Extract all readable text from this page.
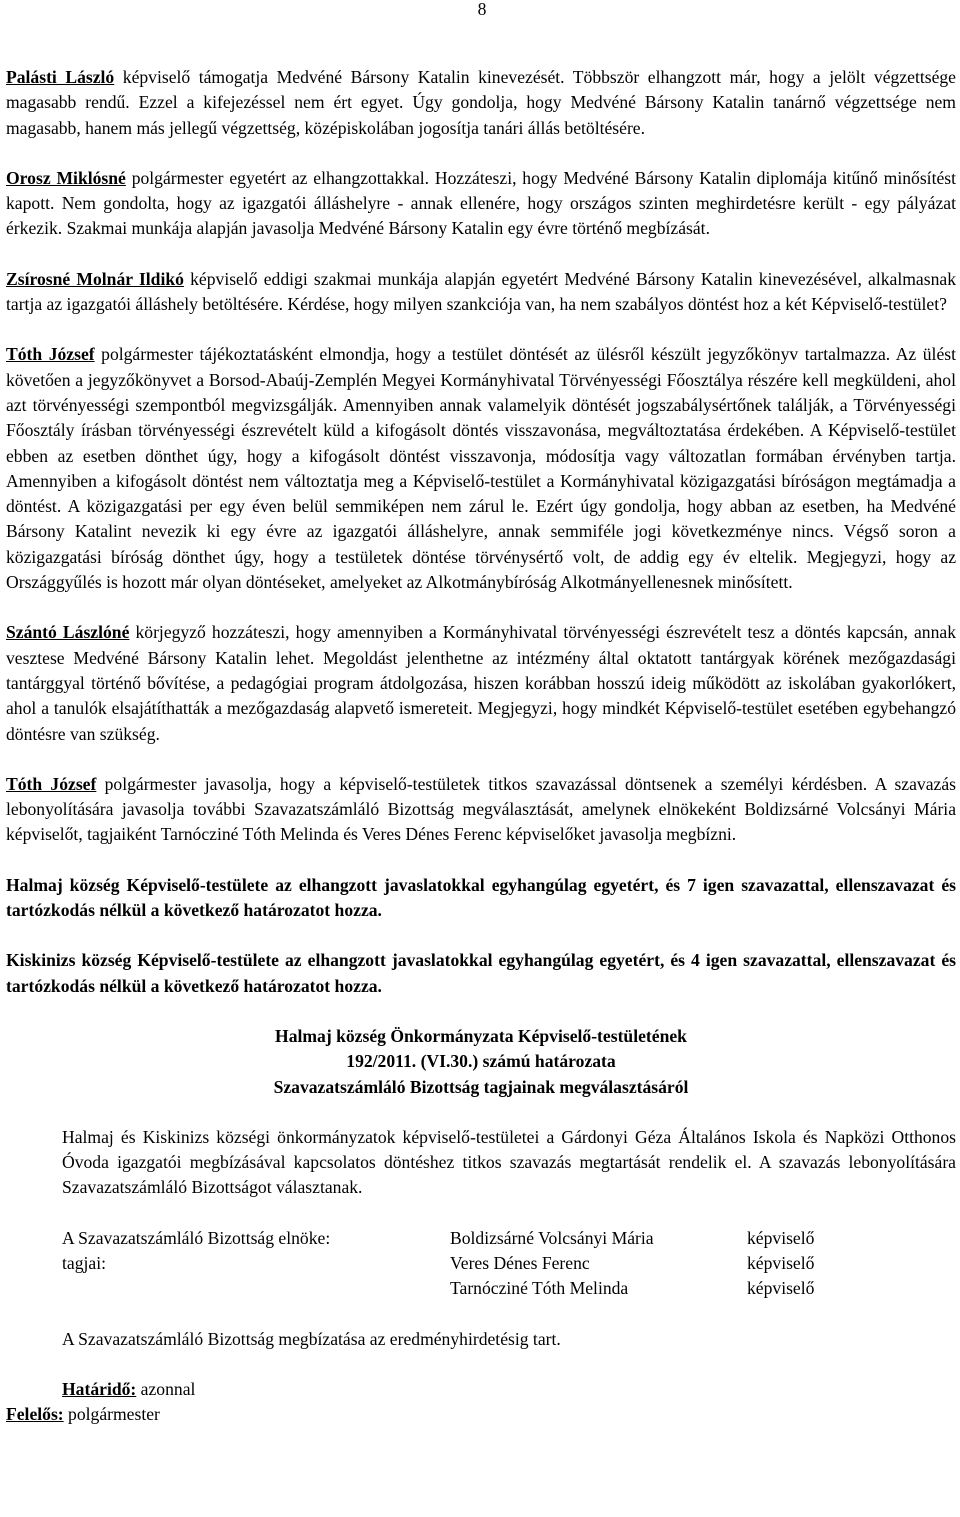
8

Palásti László képviselő támogatja Medvéné Bársony Katalin kinevezését. Többször elhangzott már, hogy a jelölt végzettsége magasabb rendű. Ezzel a kifejezéssel nem ért egyet. Úgy gondolja, hogy Medvéné Bársony Katalin tanárnő végzettsége nem magasabb, hanem más jellegű végzettség, középiskolában jogosítja tanári állás betöltésére.

Orosz Miklósné polgármester egyetért az elhangzottakkal. Hozzáteszi, hogy Medvéné Bársony Katalin diplomája kitűnő minősítést kapott. Nem gondolta, hogy az igazgatói álláshelyre - annak ellenére, hogy országos szinten meghirdetésre került - egy pályázat érkezik. Szakmai munkája alapján javasolja Medvéné Bársony Katalin egy évre történő megbízását.

Zsírosné Molnár Ildikó képviselő eddigi szakmai munkája alapján egyetért Medvéné Bársony Katalin kinevezésével, alkalmasnak tartja az igazgatói álláshely betöltésére. Kérdése, hogy milyen szankciója van, ha nem szabályos döntést hoz a két Képviselő-testület?

Tóth József polgármester tájékoztatásként elmondja, hogy a testület döntését az ülésről készült jegyzőkönyv tartalmazza. Az ülést követően a jegyzőkönyvet a Borsod-Abaúj-Zemplén Megyei Kormányhivatal Törvényességi Főosztálya részére kell megküldeni, ahol azt törvényességi szempontból megvizsgálják. Amennyiben annak valamelyik döntését jogszabálysértőnek találják, a Törvényességi Főosztály írásban törvényességi észrevételt küld a kifogásolt döntés visszavonása, megváltoztatása érdekében. A Képviselő-testület ebben az esetben dönthet úgy, hogy a kifogásolt döntést visszavonja, módosítja vagy változatlan formában érvényben tartja. Amennyiben a kifogásolt döntést nem változtatja meg a Képviselő-testület a Kormányhivatal közigazgatási bíróságon megtámadja a döntést. A közigazgatási per egy éven belül semmiképen nem zárul le. Ezért úgy gondolja, hogy abban az esetben, ha Medvéné Bársony Katalint nevezik ki egy évre az igazgatói álláshelyre, annak semmiféle jogi következménye nincs. Végső soron a közigazgatási bíróság dönthet úgy, hogy a testületek döntése törvénysértő volt, de addig egy év eltelik. Megjegyzi, hogy az Országgyűlés is hozott már olyan döntéseket, amelyeket az Alkotmánybíróság Alkotmányellenesnek minősített.

Szántó Lászlóné körjegyző hozzáteszi, hogy amennyiben a Kormányhivatal törvényességi észrevételt tesz a döntés kapcsán, annak vesztese Medvéné Bársony Katalin lehet. Megoldást jelenthetne az intézmény által oktatott tantárgyak körének mezőgazdasági tantárggyal történő bővítése, a pedagógiai program átdolgozása, hiszen korábban hosszú ideig működött az iskolában gyakorlókert, ahol a tanulók elsajátíthatták a mezőgazdaság alapvető ismereteit. Megjegyzi, hogy mindkét Képviselő-testület esetében egybehangzó döntésre van szükség.

Tóth József polgármester javasolja, hogy a képviselő-testületek titkos szavazással döntsenek a személyi kérdésben. A szavazás lebonyolítására javasolja további Szavazatszámláló Bizottság megválasztását, amelynek elnökeként Boldizsárné Volcsányi Mária képviselőt, tagjaiként Tarnócziné Tóth Melinda és Veres Dénes Ferenc képviselőket javasolja megbízni.

Halmaj község Képviselő-testülete az elhangzott javaslatokkal egyhangúlag egyetért, és 7 igen szavazattal, ellenszavazat és tartózkodás nélkül a következő határozatot hozza.

Kiskinizs község Képviselő-testülete az elhangzott javaslatokkal egyhangúlag egyetért, és 4 igen szavazattal, ellenszavazat és tartózkodás nélkül a következő határozatot hozza.

Halmaj község Önkormányzata Képviselő-testületének

192/2011. (VI.30.) számú határozata

Szavazatszámláló Bizottság tagjainak megválasztásáról

Halmaj és Kiskinizs községi önkormányzatok képviselő-testületei a Gárdonyi Géza Általános Iskola és Napközi Otthonos Óvoda igazgatói megbízásával kapcsolatos döntéshez titkos szavazás megtartását rendelik el. A szavazás lebonyolítására Szavazatszámláló Bizottságot választanak.

A Szavazatszámláló Bizottság elnöke:	Boldizsárné Volcsányi Mária	képviselő
tagjai:	Veres Dénes Ferenc	képviselő
	Tarnócziné Tóth Melinda	képviselő

A Szavazatszámláló Bizottság megbízatása az eredményhirdetésig tart.

Határidő: azonnal

Felelős: polgármester
